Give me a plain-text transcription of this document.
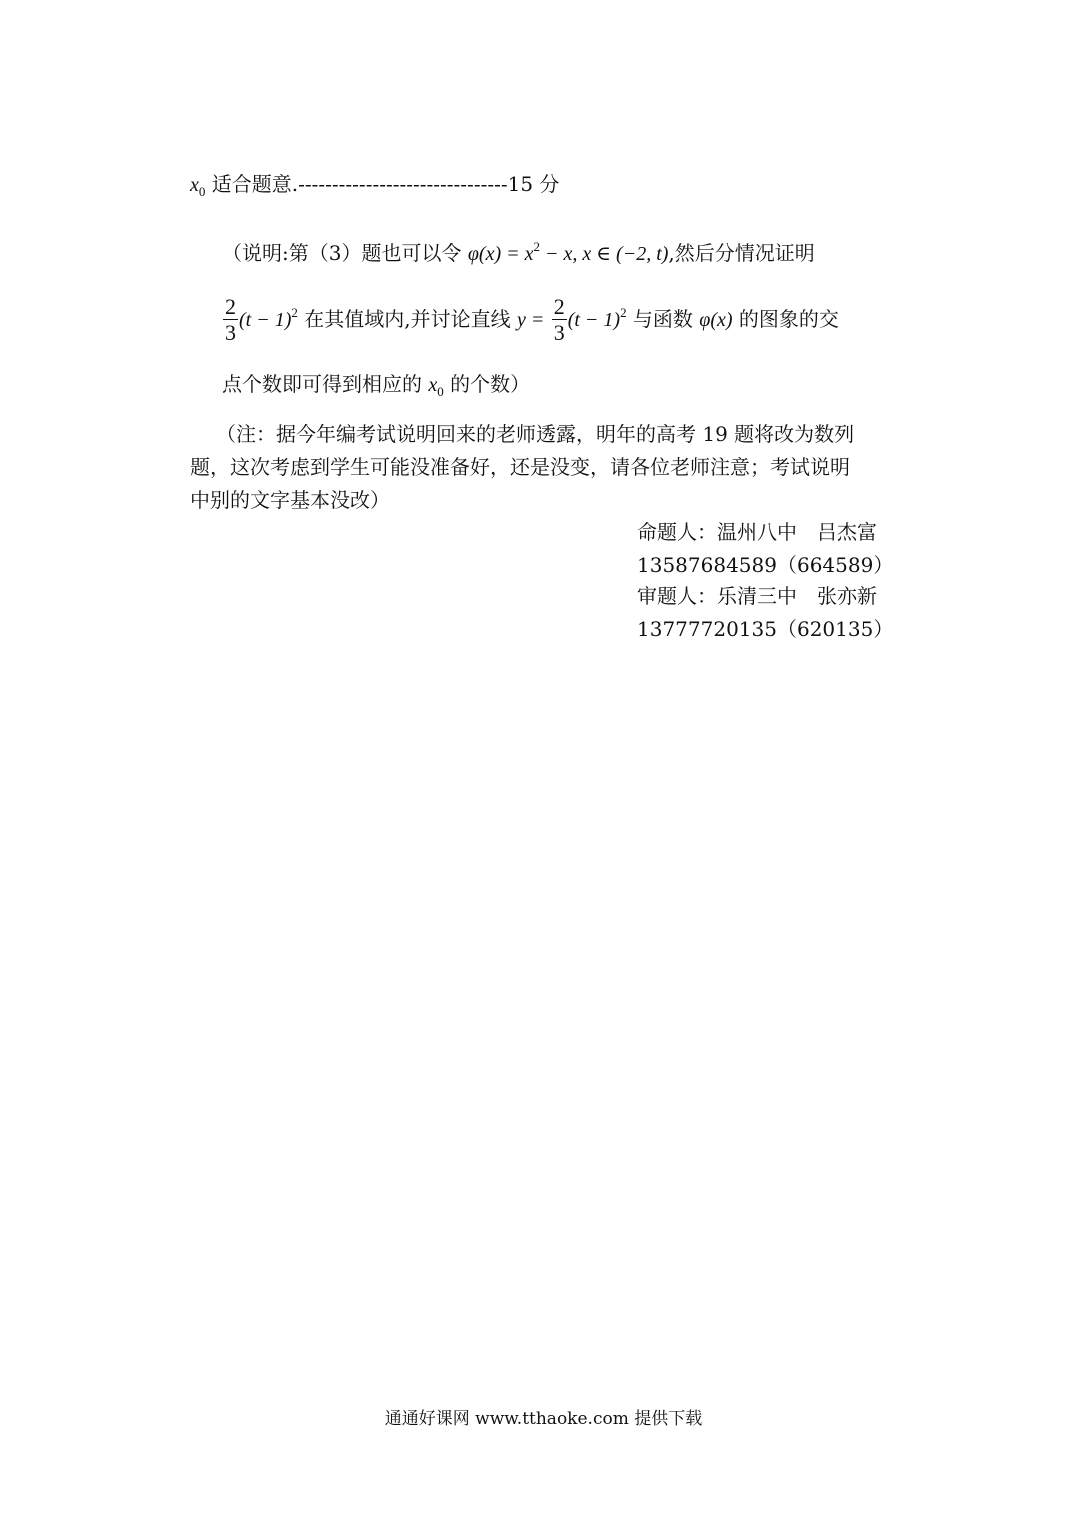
$x_0$ 适合题意.-------------------------------15 分
（说明:第（3）题也可以令 $\varphi(x) = x^2 - x$, x ∈ (−2, t),然后分情况证明
$\frac{2}{3} (t - 1)^2$ 在其值域内,并讨论直线 $y = \frac{2}{3} (t - 1)^2$ 与函数 φ(x) 的图象的交
点个数即可得到相应的 $x_0$ 的个数）
（注：据今年编考试说明回来的老师透露，明年的高考 19 题将改为数列
题，这次考虑到学生可能没准备好，还是没变，请各位老师注意；考试说明
中别的文字基本没改）
命题人：温州八中　吕杰富
13587684589（664589）
审题人：乐清三中　张亦新
13777720135（620135）
通通好课网 www.tthaoke.com 提供下载
